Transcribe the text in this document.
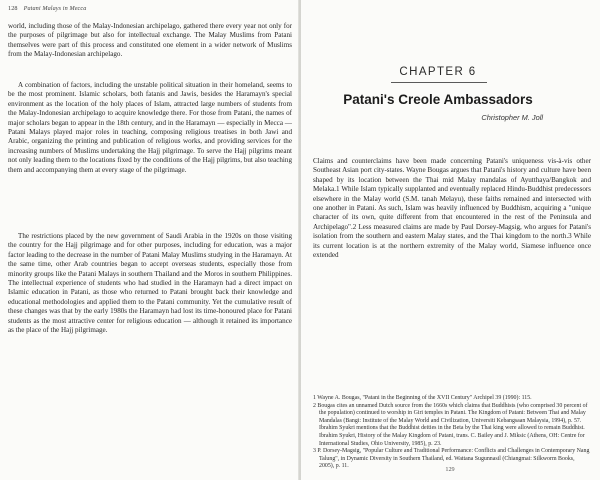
128 Patani Malays in Mecca

world, including those of the Malay-Indonesian archipelago, gathered there every year not only for the purposes of pilgrimage but also for intellectual exchange. The Malay Muslims from Patani themselves were part of this process and constituted one element in a wider network of Muslims from the Malay-Indonesian archipelago.

A combination of factors, including the unstable political situation in their homeland, seems to be the most prominent. Islamic scholars, both fatanis and Jawis, besides the Haramayn's special environment as the location of the holy places of Islam, attracted large numbers of students from the Malay-Indonesian archipelago to acquire knowledge there. For those from Patani, the names of major scholars began to appear in the 18th century, and in the Haramayn — especially in Mecca — Patani Malays played major roles in teaching, composing religious treatises in both Jawi and Arabic, organizing the printing and publication of religious works, and providing services for the increasing numbers of Muslims undertaking the Hajj pilgrimage. To serve the Hajj pilgrims meant not only leading them to the locations fixed by the conditions of the Hajj pilgrims, but also teaching them and accompanying them at every stage of the pilgrimage.

The restrictions placed by the new government of Saudi Arabia in the 1920s on those visiting the country for the Hajj pilgrimage and for other purposes, including for education, was a major factor leading to the decrease in the number of Patani Malay Muslims studying in the Haramayn. At the same time, other Arab countries began to accept overseas students, especially those from minority groups like the Patani Malays in southern Thailand and the Moros in southern Philippines. The intellectual experience of students who had studied in the Haramayn had a direct impact on Islamic education in Patani, as those who returned to Patani brought back their knowledge and educational methodologies and applied them to the Patani community. Yet the cumulative result of these changes was that by the early 1980s the Haramayn had lost its time-honoured place for Patani students as the most attractive center for religious education — although it retained its importance as the place of the Hajj pilgrimage.

CHAPTER 6
Patani's Creole Ambassadors
Christopher M. Joll

Claims and counterclaims have been made concerning Patani's uniqueness vis-à-vis other Southeast Asian port city-states. Wayne Bougas argues that Patani's history and culture have been shaped by its location between the Thai mid Malay mandalas of Ayutthaya/Bangkok and Melaka.1 While Islam typically supplanted and eventually replaced Hindu-Buddhist predecessors elsewhere in the Malay world (S.M. tanah Melayu), these faiths remained and intersected with one another in Patani. As such, Islam was heavily influenced by Buddhism, acquiring a "unique character of its own, quite different from that encountered in the rest of the Peninsula and Archipelago".2 Less measured claims are made by Paul Dorsey-Magsig, who argues for Patani's isolation from the southern and eastern Malay states, and the Thai kingdom to the north.3 While its current location is at the northern extremity of the Malay world, Siamese influence once extended

1 Wayne A. Bougas, "Patani in the Beginning of the XVII Century" Archipel 39 (1990): 115.

2 Bougas cites an unnamed Dutch source from the 1660s which claims that Buddhists (who comprised 30 percent of the population) continued to worship in Giri temples in Patani. The Kingdom of Patani: Between Thai and Malay Mandalas (Bangi: Institute of the Malay World and Civilization, Universiti Kebangsaan Malaysia, 1994), p. 57. Ibrahim Syukri mentions that the Buddhist deities in the Beta by the Thai king were allowed to remain Buddhist. Ibrahim Syukri, History of the Malay Kingdom of Patani, trans. C. Bailey and J. Miksic (Athens, OH: Centre for International Studies, Ohio University, 1985), p. 23.

3 P. Dorsey-Magsig, "Popular Culture and Traditional Performance: Conflicts and Challenges in Contemporary Nang Talung", in Dynamic Diversity in Southern Thailand, ed. Wattana Sugunnasil (Chiangmai: Silkworm Books, 2005), p. 11.	129
